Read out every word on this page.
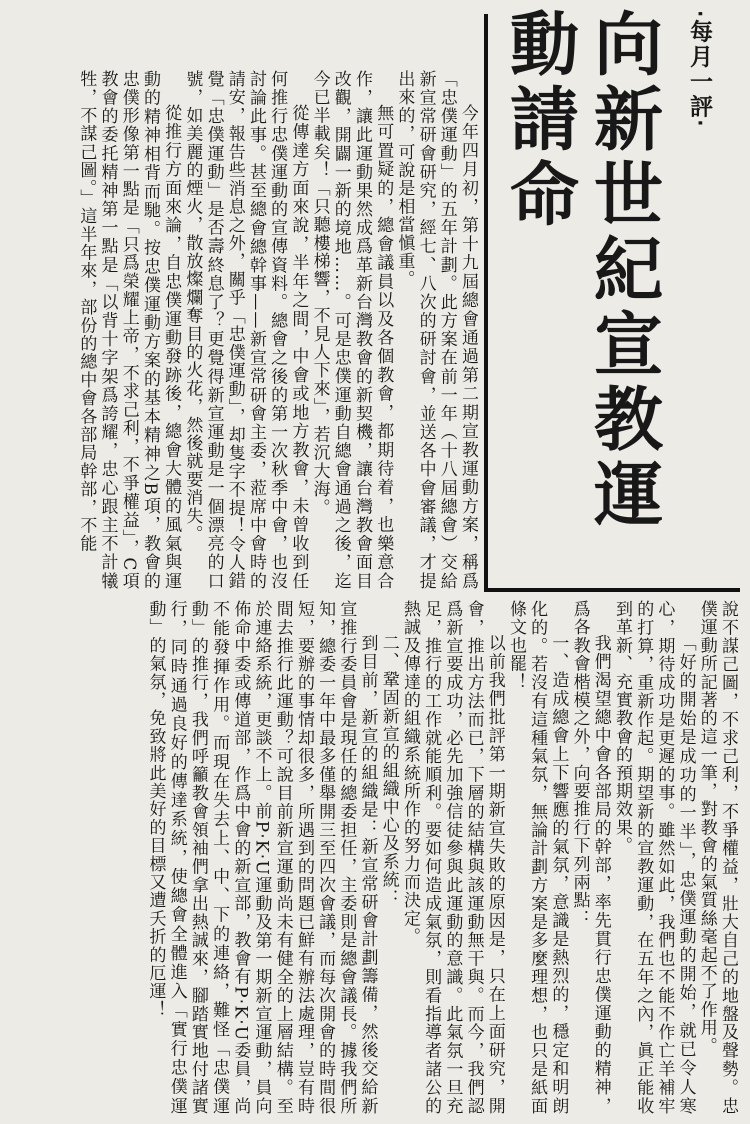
‧每月一評‧
向新世紀宣教運動請命

今年四月初，第十九屆總會通過第二期宣教運動方案，稱爲「忠僕運動」的五年計劃。此方案在前一年（十八屆總會）交給新宣常研會研究，經七、八次的研討會，並送各中會審議，才提出來的，可說是相當愼重。

無可置疑的，總會議員以及各個教會，都期待着，也樂意合作，讓此運動果然成爲革新台灣教會的新契機，讓台灣教會面目改觀，開闢一新的境地……。可是忠僕運動自總會通過之後，迄今已半載矣！「只聽樓梯響，不見人下來」，若沉大海。

從傳達方面來說，半年之間，中會或地方教會，未曾收到任何推行忠僕運動的宣傳資料。總會之後的第一次秋季中會，也沒討論此事。甚至總會總幹事——新宣常研會主委，蒞席中會時的請安，報告些消息之外，關乎「忠僕運動」，却隻字不提！令人錯覺「忠僕運動」是否壽終息了？更覺得新宣運動是一個漂亮的口號，如美麗的煙火，散放燦爛奪目的火花，然後就要消失。

從推行方面來論，自忠僕運動發跡後，總會大體的風氣與運動的精神相背而馳。按忠僕運動方案的基本精神之B項，教會的忠僕形像第一點是「只爲榮耀上帝，不求己利，不爭權益」，C項教會的委托精神第一點是「以背十字架爲誇耀，忠心跟主不計犧牲，不謀己圖。」這半年來，部份的總中會各部局幹部，不能

說不謀己圖，不求己利，不爭權益，壯大自己的地盤及聲勢。忠僕運動所記著的這一筆，對教會的氣質絲毫起不了作用。

「好的開始是成功的一半」，忠僕運動的開始，就已令人寒心，期待成功是更遲的事。雖然如此，我們也不能不作亡羊補牢的打算，重新作起。期望新的宣教運動，在五年之內，眞正能收到革新、充實教會的預期效果。

我們渴望總中會各部局的幹部，率先貫行忠僕運動的精神，爲各教會楷模之外，向要推行下列兩點：

一、造成總會上下響應的氣氛，意識是熱烈的，穩定和明朗化的。若沒有這種氣氛，無論計劃方案是多麼理想，也只是紙面條文也罷！

以前我們批評第一期新宣失敗的原因是，只在上面研究，開會，推出方法而已，下層的結構與該運動無干與。而今，我們認爲新宣要成功，必先加強信徒參與此運動的意識。此氣氛一旦充足，推行的工作就能順利。要如何造成氣氛，則看指導者諸公的熱誠及傳達的組織系統所作的努力而決定。

二、鞏固新宣的組織中心及系統：

到目前，新宣的組織是：新宣常研會計劃籌備，然後交給新宣推行委員會是現任的總委担任，主委則是總會議長。據我們所知，總委一年中最多僅舉開三至四次會議，而每次開會的時間很短，要辦的事情却很多，所遇到的問題已鮮有辦法處理，豈有時間去推行此運動？可說目前新宣運動尚未有健全的上層結構。至於連絡系統，更談不上。前P‧K‧U運動及第一期新宣運動，員向佈命中委或傳道部，作爲中會的新宣部，教會有P‧K‧U委員，尚不能發揮作用。而現在失去上、中、下的連絡，難怪「忠僕運動」的推行，我們呼籲教會領袖們拿出熱誠來，腳踏實地付諸實行，同時通過良好的傳達系統，使總會全體進入「實行忠僕運動」的氣氛，免致將此美好的目標又遭夭折的厄運！
